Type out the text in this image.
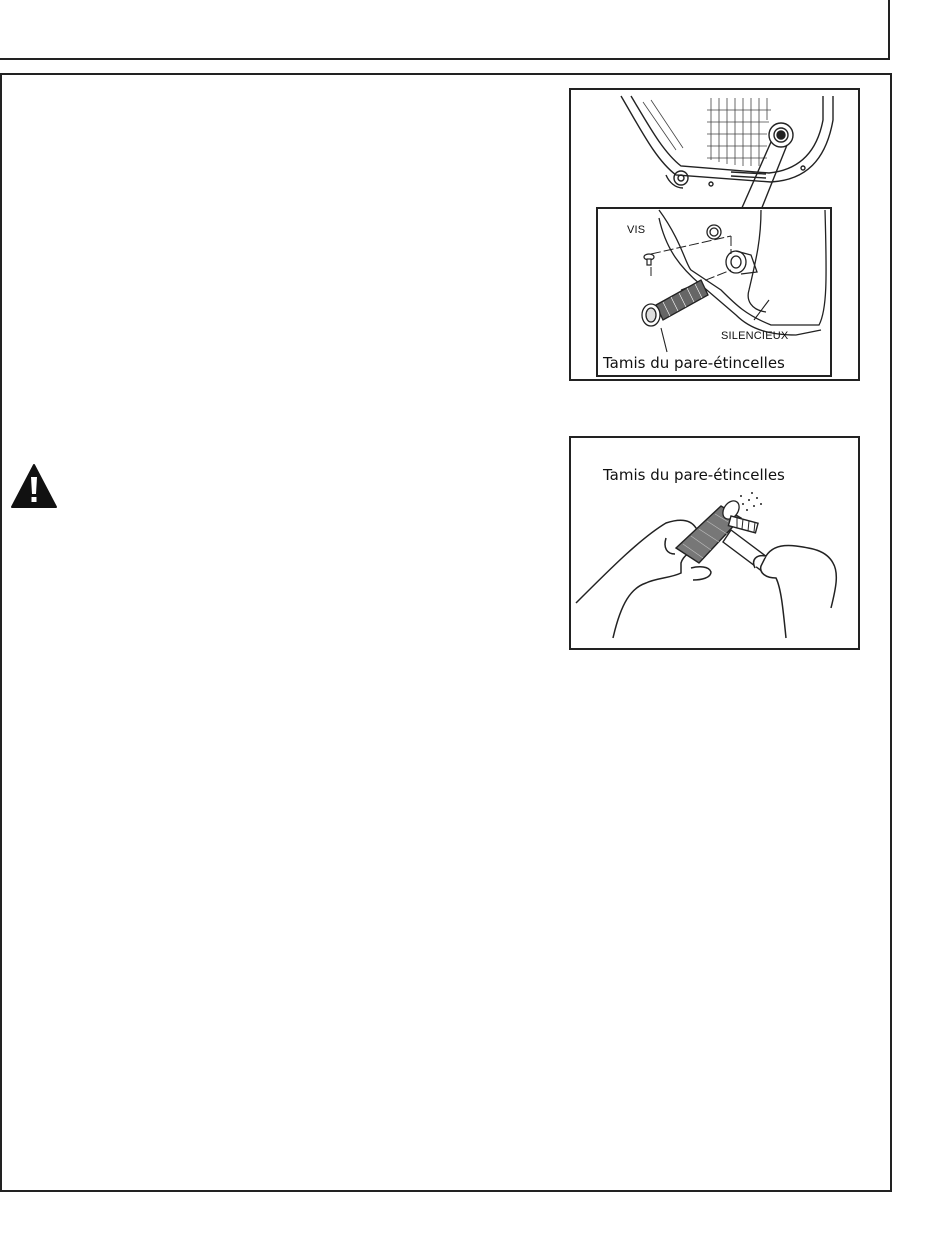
VIS
SILENCIEUX
Tamis du pare-étincelles
Tamis du pare-étincelles
